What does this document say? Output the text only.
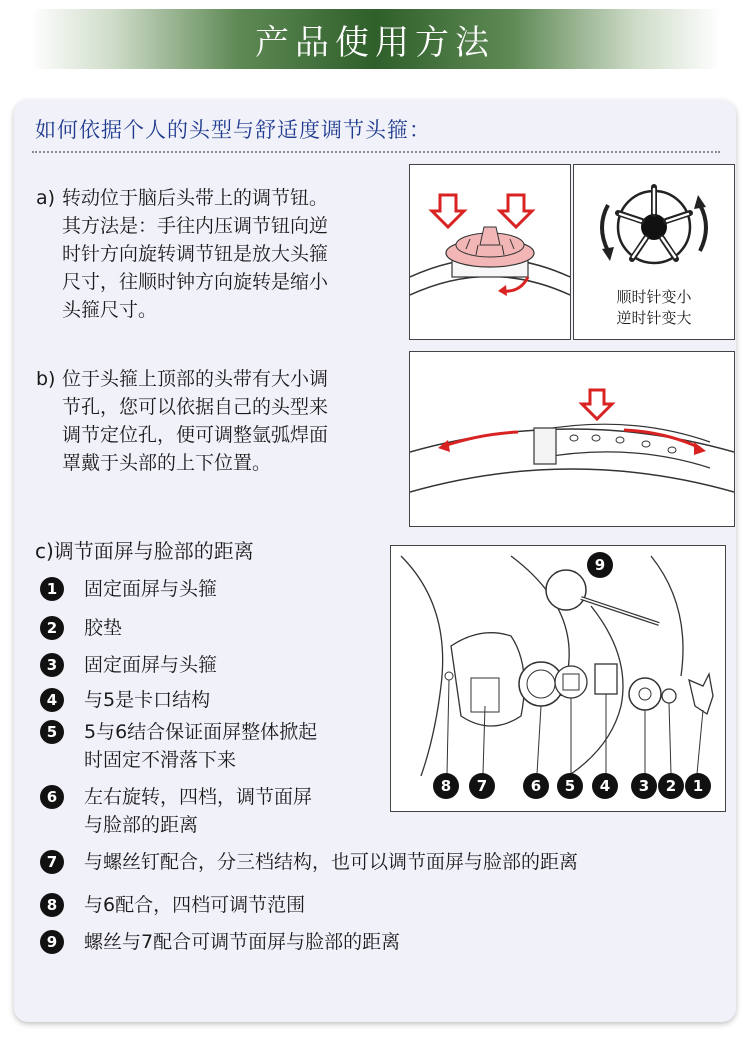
产品使用方法
如何依据个人的头型与舒适度调节头箍：
a) 转动位于脑后头带上的调节钮。
其方法是：手往内压调节钮向逆
时针方向旋转调节钮是放大头箍
尺寸，往顺时钟方向旋转是缩小
头箍尺寸。
顺时针变小
逆时针变大
b) 位于头箍上顶部的头带有大小调
节孔，您可以依据自己的头型来
调节定位孔，便可调整氩弧焊面
罩戴于头部的上下位置。
c)调节面屏与脸部的距离
1	固定面屏与头箍
2	胶垫
3	固定面屏与头箍
4	与5是卡口结构
5	5与6结合保证面屏整体掀起
时固定不滑落下来
6	左右旋转，四档，调节面屏
与脸部的距离
7	与螺丝钉配合，分三档结构，也可以调节面屏与脸部的距离
8	与6配合，四档可调节范围
9	螺丝与7配合可调节面屏与脸部的距离
8	7	6	5	4	3	2	1
9
